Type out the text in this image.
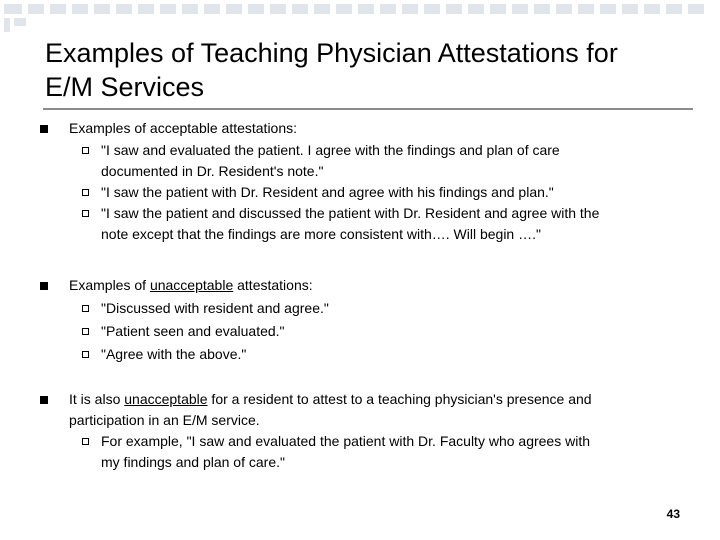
Examples of Teaching Physician Attestations for
E/M Services
Examples of acceptable attestations:
"I saw and evaluated the patient. I agree with the findings and plan of care
documented in Dr. Resident's note."
"I saw the patient with Dr. Resident and agree with his findings and plan."
"I saw the patient and discussed the patient with Dr. Resident and agree with the
note except that the findings are more consistent with…. Will begin …."
Examples of unacceptable attestations:
"Discussed with resident and agree."
"Patient seen and evaluated."
"Agree with the above."
It is also unacceptable for a resident to attest to a teaching physician's presence and
participation in an E/M service.
For example, "I saw and evaluated the patient with Dr. Faculty who agrees with
my findings and plan of care."
43
